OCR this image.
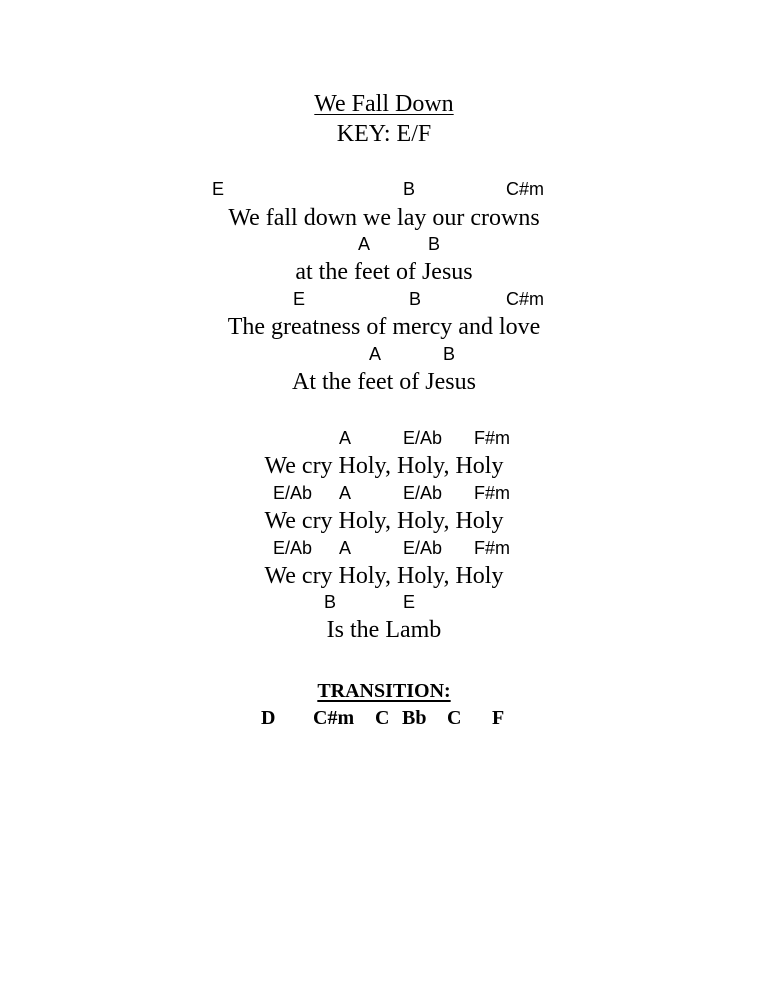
We Fall Down
KEY: E/F
E	B	C#m
We fall down we lay our crowns
A	B
at the feet of Jesus
E	B	C#m
The greatness of mercy and love
A	B
At the feet of Jesus
A	E/Ab F#m
We cry Holy, Holy, Holy
E/Ab A	E/Ab F#m
We cry Holy, Holy, Holy
E/Ab A	E/Ab F#m
We cry Holy, Holy, Holy
B	E
Is the Lamb
TRANSITION:
D C#m C Bb C F
